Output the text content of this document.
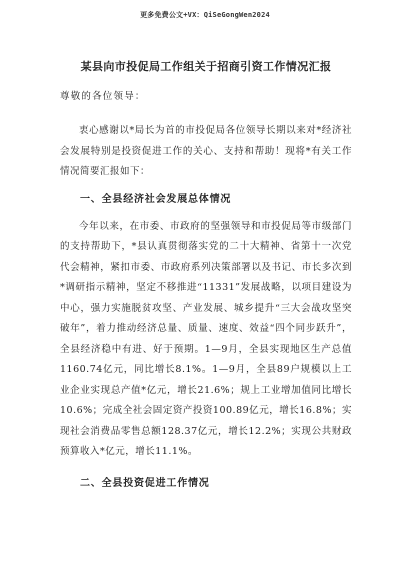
更多免费公文+VX：QiSeGongWen2024
某县向市投促局工作组关于招商引资工作情况汇报

尊敬的各位领导：

衷心感谢以*局长为首的市投促局各位领导长期以来对*经济社会发展特别是投资促进工作的关心、支持和帮助！现将*有关工作情况简要汇报如下：

一、全县经济社会发展总体情况

今年以来，在市委、市政府的坚强领导和市投促局等市级部门的支持帮助下，*县认真贯彻落实党的二十大精神、省第十一次党代会精神，紧扣市委、市政府系列决策部署以及书记、市长多次到*调研指示精神，坚定不移推进“11331”发展战略，以项目建设为中心，强力实施脱贫攻坚、产业发展、城乡提升“三大会战攻坚突破年”，着力推动经济总量、质量、速度、效益“四个同步跃升”，全县经济稳中有进、好于预期。1—9月，全县实现地区生产总值1160.74亿元，同比增长8.1%。1—9月，全县89户规模以上工业企业实现总产值*亿元，增长21.6%；规上工业增加值同比增长10.6%；完成全社会固定资产投资100.89亿元，增长16.8%；实现社会消费品零售总额128.37亿元，增长12.2%；实现公共财政预算收入*亿元，增长11.1%。

二、全县投资促进工作情况
